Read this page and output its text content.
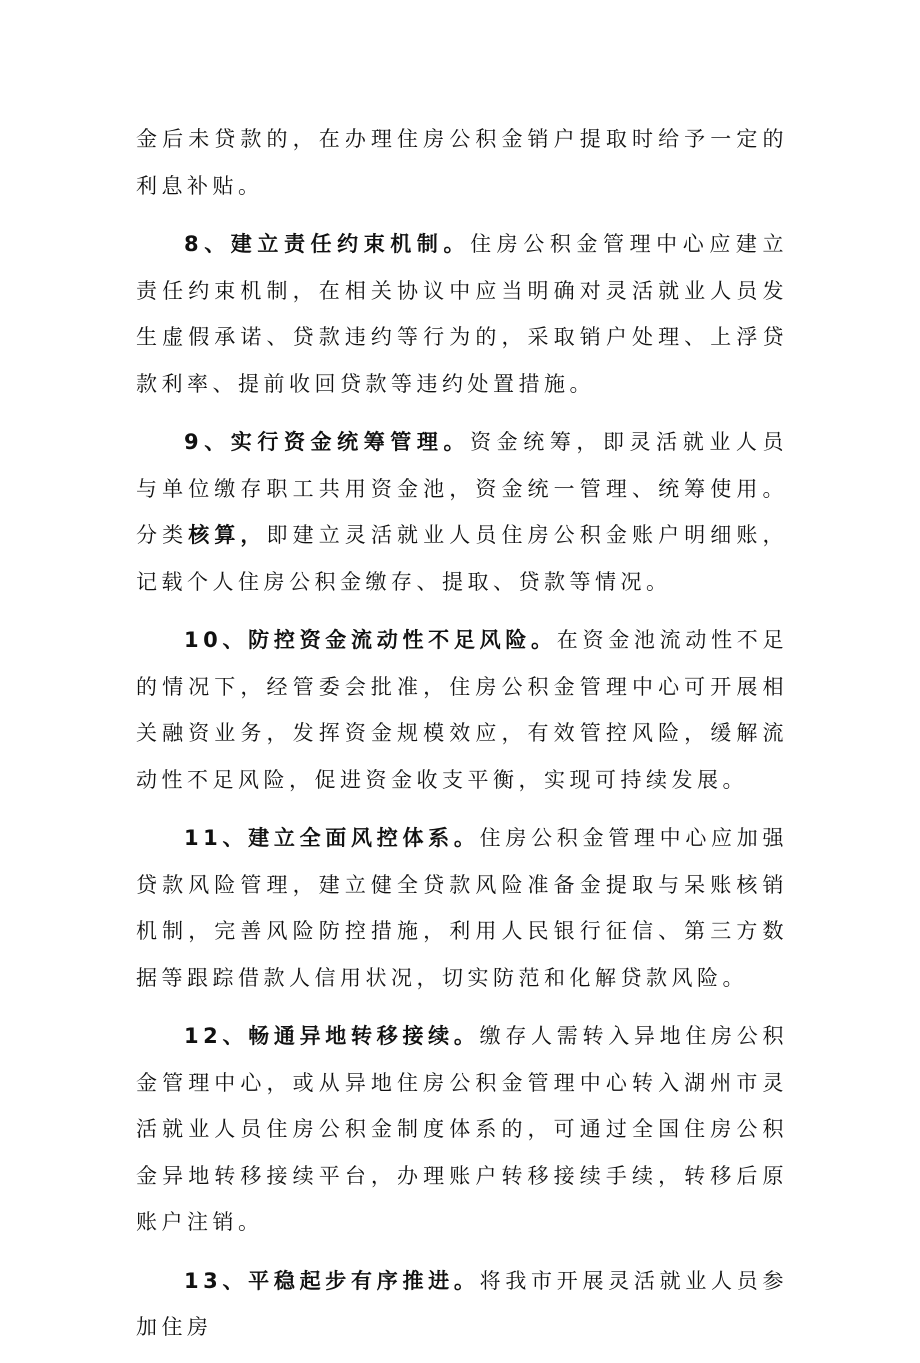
金后未贷款的，在办理住房公积金销户提取时给予一定的利息补贴。

8、建立责任约束机制。住房公积金管理中心应建立责任约束机制，在相关协议中应当明确对灵活就业人员发生虚假承诺、贷款违约等行为的，采取销户处理、上浮贷款利率、提前收回贷款等违约处置措施。

9、实行资金统筹管理。资金统筹，即灵活就业人员与单位缴存职工共用资金池，资金统一管理、统筹使用。分类核算，即建立灵活就业人员住房公积金账户明细账，记载个人住房公积金缴存、提取、贷款等情况。

10、防控资金流动性不足风险。在资金池流动性不足的情况下，经管委会批准，住房公积金管理中心可开展相关融资业务，发挥资金规模效应，有效管控风险，缓解流动性不足风险，促进资金收支平衡，实现可持续发展。

11、建立全面风控体系。住房公积金管理中心应加强贷款风险管理，建立健全贷款风险准备金提取与呆账核销机制，完善风险防控措施，利用人民银行征信、第三方数据等跟踪借款人信用状况，切实防范和化解贷款风险。

12、畅通异地转移接续。缴存人需转入异地住房公积金管理中心，或从异地住房公积金管理中心转入湖州市灵活就业人员住房公积金制度体系的，可通过全国住房公积金异地转移接续平台，办理账户转移接续手续，转移后原账户注销。

13、平稳起步有序推进。将我市开展灵活就业人员参加住房
